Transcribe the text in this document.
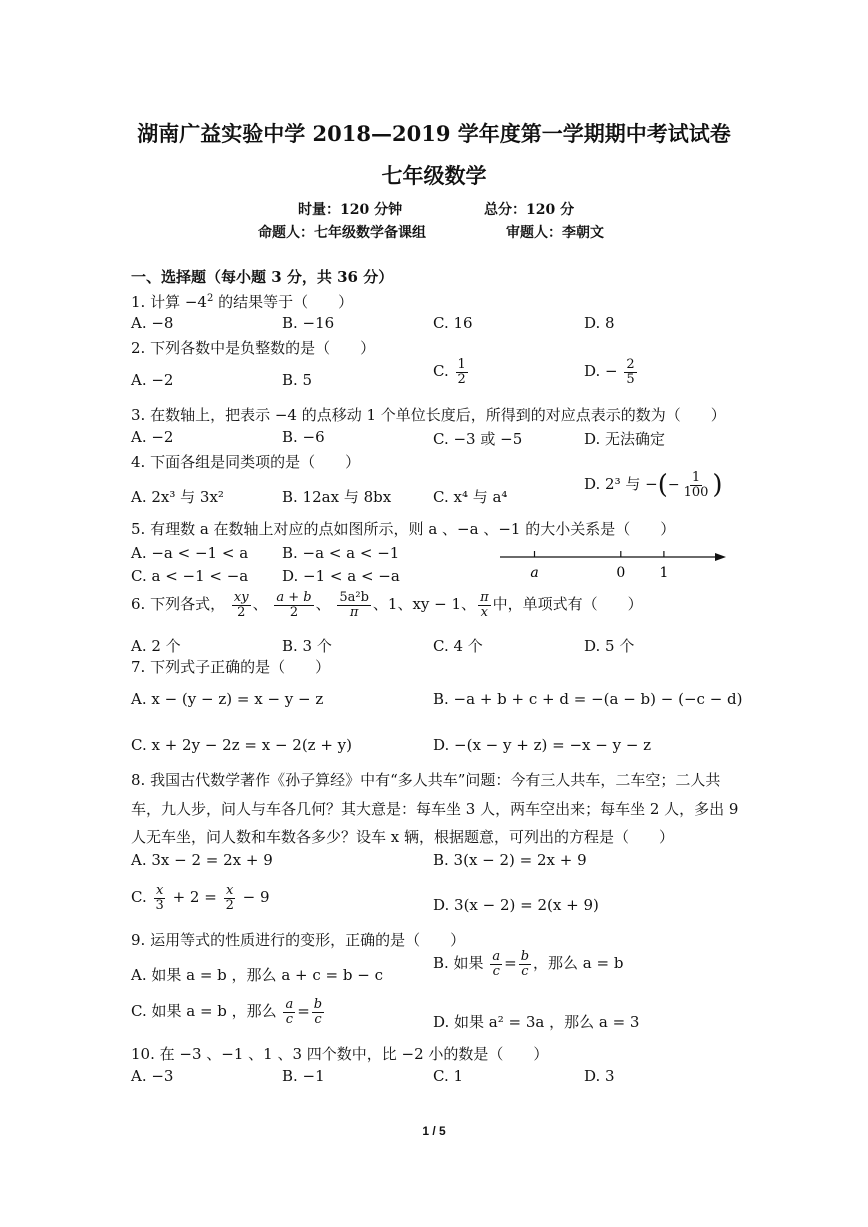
湖南广益实验中学 2018—2019 学年度第一学期期中考试试卷
七年级数学
时量：120 分钟	总分：120 分
命题人：七年级数学备课组	审题人：李朝文
一、选择题（每小题 3 分，共 36 分）
1. 计算 $-4^2$ 的结果等于（　　）
A. −8	B. −16	C. 16	D. 8
2. 下列各数中是负整数的是（　　）
A. −2	B. 5	C. $\frac{1}{2}$	D. − $\frac{2}{5}$
3. 在数轴上，把表示 −4 的点移动 1 个单位长度后，所得到的对应点表示的数为（　　）
A. −2	B. −6	C. −3 或 −5	D. 无法确定
4. 下面各组是同类项的是（　　）
A. 2x³ 与 3x²	B. 12ax 与 8bx	C. x⁴ 与 a⁴
D. 2³ 与 −(− $\frac{1}{100}$ )
5. 有理数 a 在数轴上对应的点如图所示，则 a 、−a 、−1 的大小关系是（　　）
A. −a < −1 < a B. −a < a < −1
C. a < −1 < −a D. −1 < a < −a	a	0 1
6. 下列各式， $\frac{xy}{2}$ 、 $\frac{a + b}{2}$ 、 $\frac{\text{5a²b}}{\pi}$ 、1、xy − 1、 $\frac{\pi}{x}$ 中，单项式有（　　）
A. 2 个	B. 3 个	C. 4 个	D. 5 个
7. 下列式子正确的是（　　）
A. x − (y − z) = x − y − z	B. −a + b + c + d = −(a − b) − (−c − d)
C. x + 2y − 2z = x − 2(z + y)	D. −(x − y + z) = −x − y − z
8. 我国古代数学著作《孙子算经》中有“多人共车”问题：今有三人共车，二车空；二人共车，九人步，问人与车各几何？其大意是：每车坐 3 人，两车空出来；每车坐 2 人，多出 9 人无车坐，问人数和车数各多少？设车 x 辆，根据题意，可列出的方程是（　　）
A. 3x − 2 = 2x + 9	B. 3(x − 2) = 2x + 9
C. $\frac{x}{3} + 2 = \frac{x}{2} - 9$	D. 3(x − 2) = 2(x + 9)
9. 运用等式的性质进行的变形，正确的是（　　）
A. 如果 a = b ，那么 a + c = b − c
B. 如果 $\frac{a}{c} = \frac{b}{c}$ ，那么 a = b
C. 如果 a = b ，那么 $\frac{a}{c} = \frac{b}{c}$	D. 如果 a² = 3a ，那么 a = 3
10. 在 −3 、−1 、1 、3 四个数中，比 −2 小的数是（　　）
A. −3	B. −1	C. 1	D. 3
1 / 5
